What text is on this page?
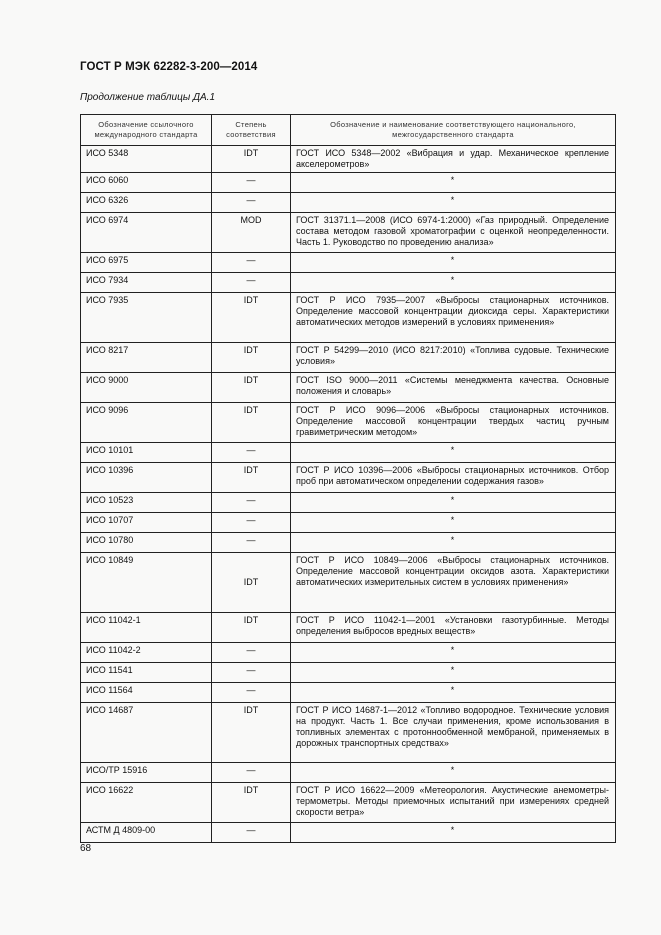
ГОСТ Р МЭК 62282-3-200—2014
Продолжение таблицы ДА.1
Обозначение ссылочного международного стандарта	Степень соответствия	Обозначение и наименование соответствующего национального, межгосударственного стандарта
ИСО 5348	IDT	ГОСТ ИСО 5348—2002 «Вибрация и удар. Механическое крепление акселерометров»
ИСО 6060	—	*
ИСО 6326	—	*
ИСО 6974	MOD	ГОСТ 31371.1—2008 (ИСО 6974-1:2000) «Газ природный. Определение состава методом газовой хроматографии с оценкой неопределенности. Часть 1. Руководство по проведению анализа»
ИСО 6975	—	*
ИСО 7934	—	*
ИСО 7935	IDT	ГОСТ Р ИСО 7935—2007 «Выбросы стационарных источников. Определение массовой концентрации диоксида серы. Характеристики автоматических методов измерений в условиях применения»
ИСО 8217	IDT	ГОСТ Р 54299—2010 (ИСО 8217:2010) «Топлива судовые. Технические условия»
ИСО 9000	IDT	ГОСТ ISO 9000—2011 «Системы менеджмента качества. Основные положения и словарь»
ИСО 9096	IDT	ГОСТ Р ИСО 9096—2006 «Выбросы стационарных источников. Определение массовой концентрации твердых частиц ручным гравиметрическим методом»
ИСО 10101	—	*
ИСО 10396	IDT	ГОСТ Р ИСО 10396—2006 «Выбросы стационарных источников. Отбор проб при автоматическом определении содержания газов»
ИСО 10523	—	*
ИСО 10707	—	*
ИСО 10780	—	*
ИСО 10849	IDT	ГОСТ Р ИСО 10849—2006 «Выбросы стационарных источников. Определение массовой концентрации оксидов азота. Характеристики автоматических измерительных систем в условиях применения»
ИСО 11042-1	IDT	ГОСТ Р ИСО 11042-1—2001 «Установки газотурбинные. Методы определения выбросов вредных веществ»
ИСО 11042-2	—	*
ИСО 11541	—	*
ИСО 11564	—	*
ИСО 14687	IDT	ГОСТ Р ИСО 14687-1—2012 «Топливо водородное. Технические условия на продукт. Часть 1. Все случаи применения, кроме использования в топливных элементах с протоннообменной мембраной, применяемых в дорожных транспортных средствах»
ИСО/ТР 15916	—	*
ИСО 16622	IDT	ГОСТ Р ИСО 16622—2009 «Метеорология. Акустические анемометры-термометры. Методы приемочных испытаний при измерениях средней скорости ветра»
АСТМ Д 4809-00	—	*
68
